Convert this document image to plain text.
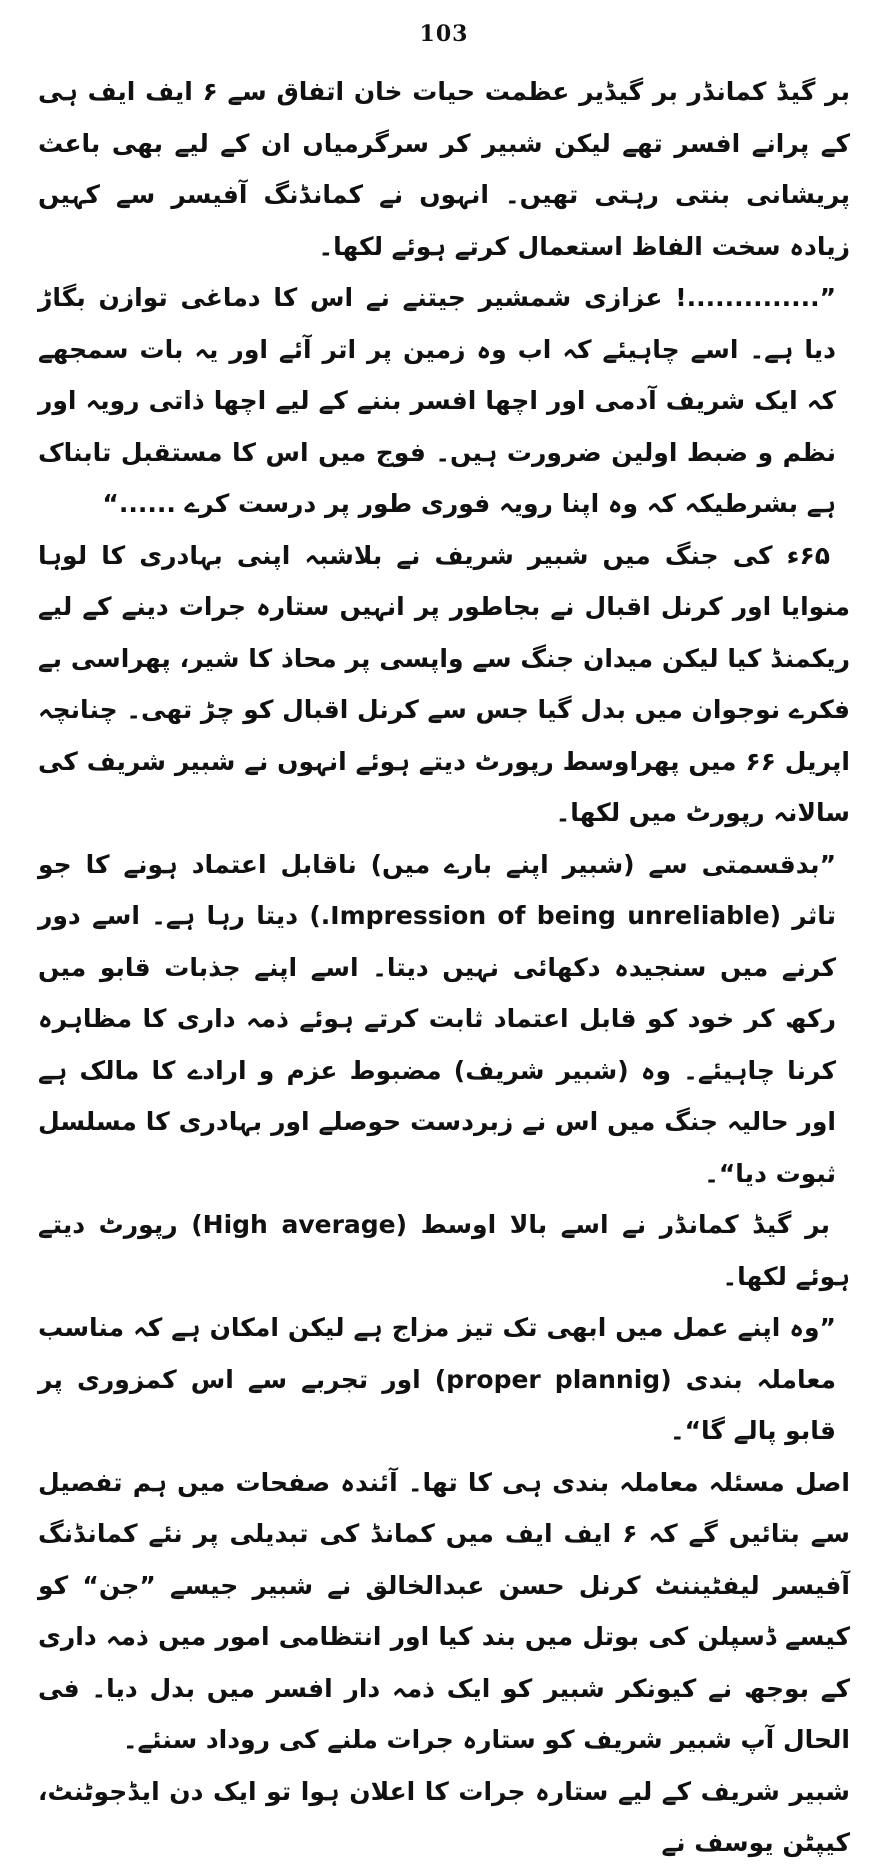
103

بر گیڈ کمانڈر بر گیڈیر عظمت حیات خان اتفاق سے ۶ ایف ایف ہی کے پرانے افسر تھے لیکن شبیر کر سرگرمیاں ان کے لیے بھی باعث پریشانی بنتی رہتی تھیں۔ انہوں نے کمانڈنگ آفیسر سے کہیں زیادہ سخت الفاظ استعمال کرتے ہوئے لکھا۔

”..............! عزازی شمشیر جیتنے نے اس کا دماغی توازن بگاڑ دیا ہے۔ اسے چاہیئے کہ اب وہ زمین پر اتر آئے اور یہ بات سمجھے کہ ایک شریف آدمی اور اچھا افسر بننے کے لیے اچھا ذاتی رویہ اور نظم و ضبط اولین ضرورت ہیں۔ فوج میں اس کا مستقبل تابناک ہے بشرطیکہ کہ وہ اپنا رویہ فوری طور پر درست کرے ......“

۶۵ء کی جنگ میں شبیر شریف نے بلاشبہ اپنی بہادری کا لوہا منوایا اور کرنل اقبال نے بجاطور پر انہیں ستارہ جرات دینے کے لیے ریکمنڈ کیا لیکن میدان جنگ سے واپسی پر محاذ کا شیر، پھراسی بے فکرے نوجوان میں بدل گیا جس سے کرنل اقبال کو چڑ تھی۔ چنانچہ اپریل ۶۶ میں پھراوسط رپورٹ دیتے ہوئے انہوں نے شبیر شریف کی سالانہ رپورٹ میں لکھا۔

”بدقسمتی سے (شبیر اپنے بارے میں) ناقابل اعتماد ہونے کا جو تاثر (Impression of being unreliable.) دیتا رہا ہے۔ اسے دور کرنے میں سنجیدہ دکھائی نہیں دیتا۔ اسے اپنے جذبات قابو میں رکھ کر خود کو قابل اعتماد ثابت کرتے ہوئے ذمہ داری کا مظاہرہ کرنا چاہیئے۔ وہ (شبیر شریف) مضبوط عزم و ارادے کا مالک ہے اور حالیہ جنگ میں اس نے زبردست حوصلے اور بہادری کا مسلسل ثبوت دیا“۔

بر گیڈ کمانڈر نے اسے بالا اوسط (High average) رپورٹ دیتے ہوئے لکھا۔

”وہ اپنے عمل میں ابھی تک تیز مزاج ہے لیکن امکان ہے کہ مناسب معاملہ بندی (proper plannig) اور تجربے سے اس کمزوری پر قابو پالے گا“۔

اصل مسئلہ معاملہ بندی ہی کا تھا۔ آئندہ صفحات میں ہم تفصیل سے بتائیں گے کہ ۶ ایف ایف میں کمانڈ کی تبدیلی پر نئے کمانڈنگ آفیسر لیفٹیننٹ کرنل حسن عبدالخالق نے شبیر جیسے ”جن“ کو کیسے ڈسپلن کی بوتل میں بند کیا اور انتظامی امور میں ذمہ داری کے بوجھ نے کیونکر شبیر کو ایک ذمہ دار افسر میں بدل دیا۔ فی الحال آپ شبیر شریف کو ستارہ جرات ملنے کی روداد سنئے۔

شبیر شریف کے لیے ستارہ جرات کا اعلان ہوا تو ایک دن ایڈجوٹنٹ، کیپٹن یوسف نے
